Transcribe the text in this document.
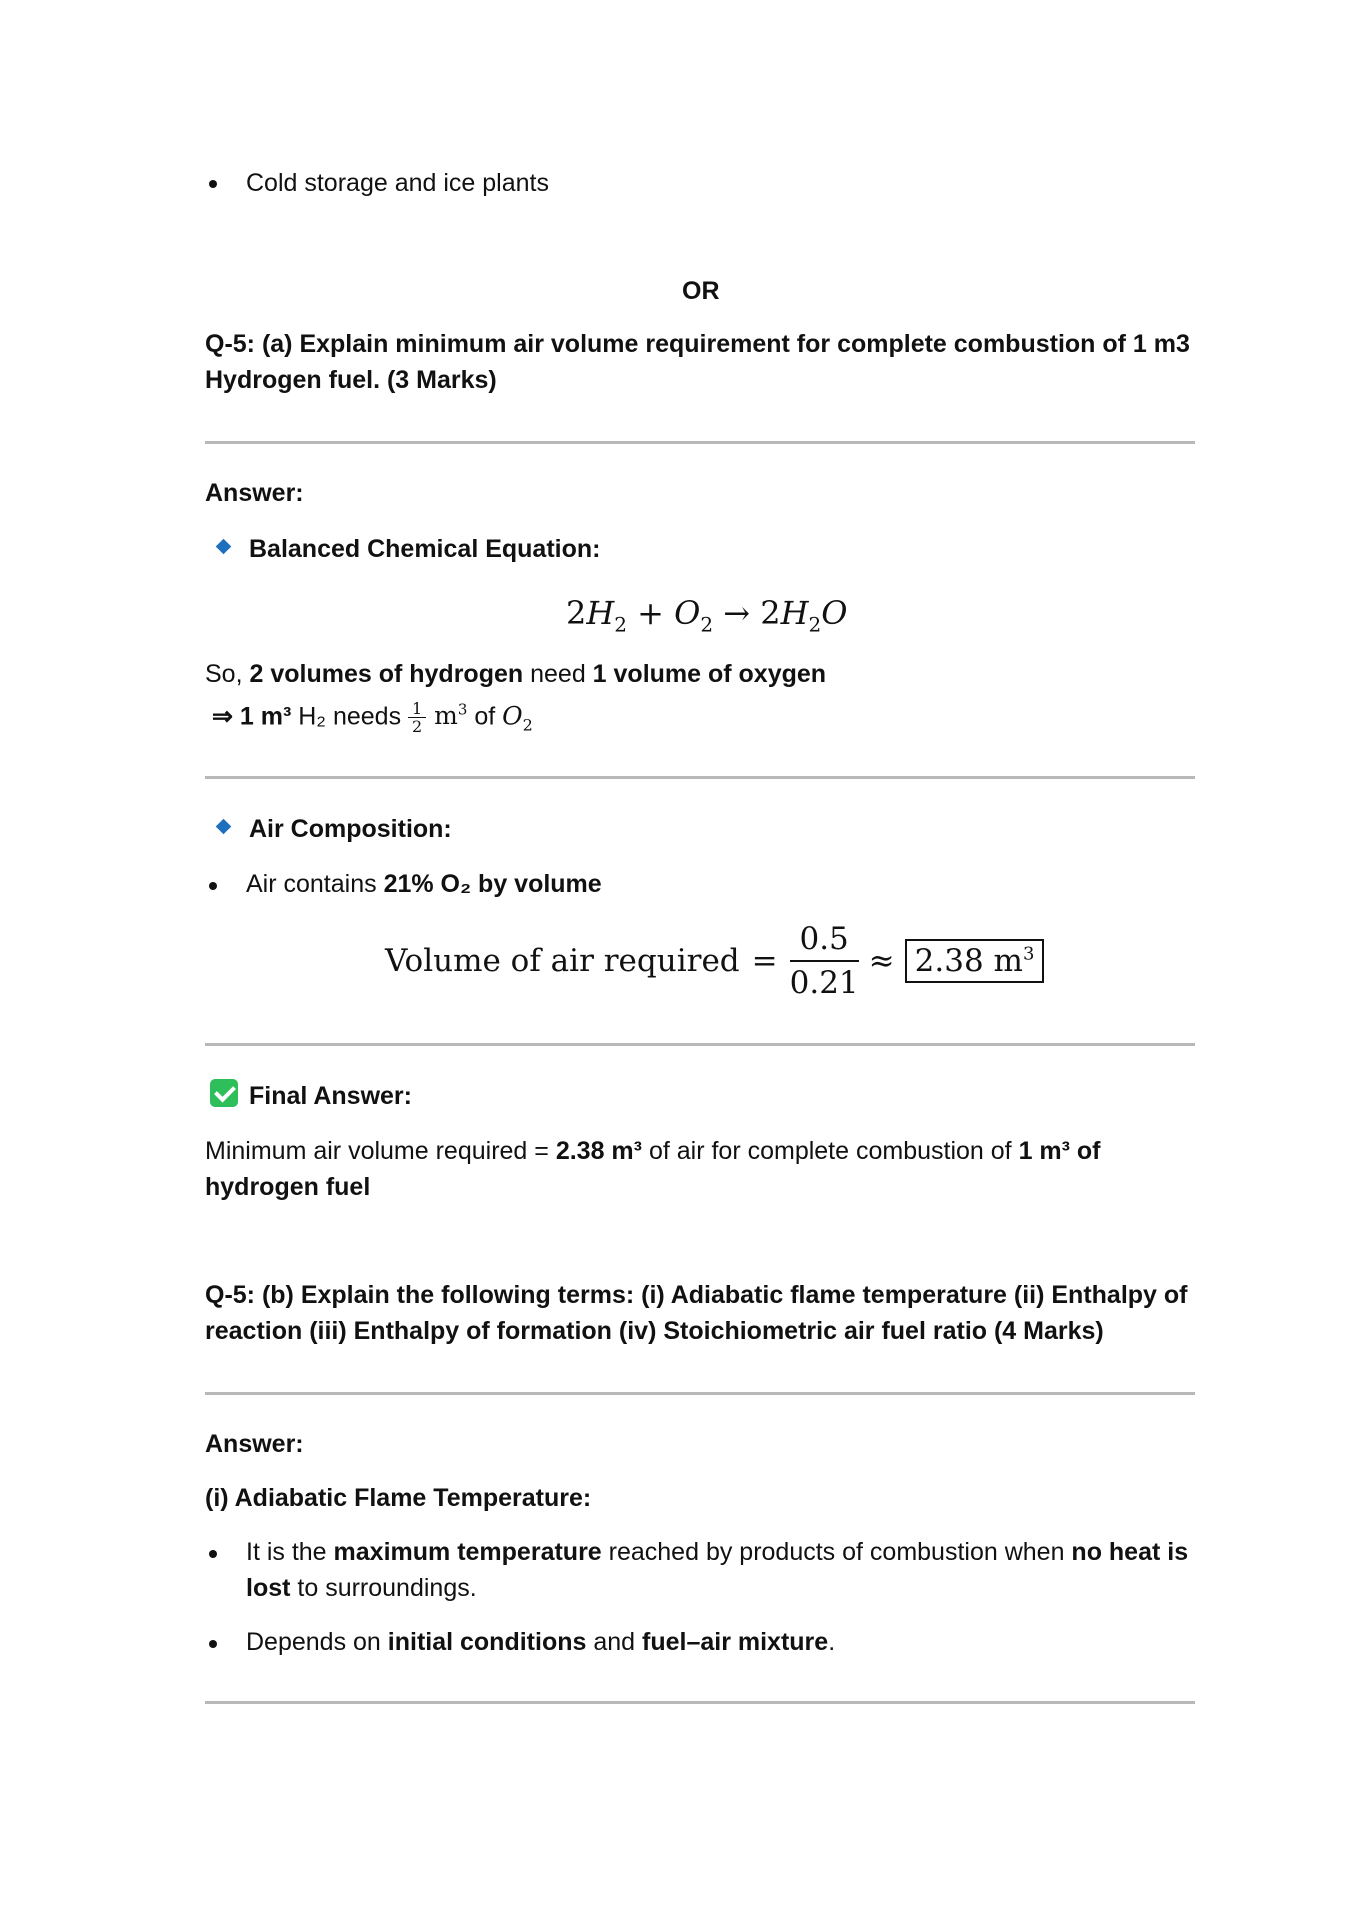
Cold storage and ice plants
OR
Q-5: (a) Explain minimum air volume requirement for complete combustion of 1 m3
Hydrogen fuel. (3 Marks)
Answer:
Balanced Chemical Equation:
$2H_2 + O_2 \to 2H_2O$
So, 2 volumes of hydrogen need 1 volume of oxygen
⇒ 1 m³ H₂ needs $\frac{1}{2} m^3$ of $O_2$
Air Composition:
Air contains 21% O₂ by volume
Volume of air required = $\frac{0.5}{0.21} \approx 2.38$ $m^3$
Final Answer:
Minimum air volume required = 2.38 m³ of air for complete combustion of 1 m³ of
hydrogen fuel
Q-5: (b) Explain the following terms: (i) Adiabatic flame temperature (ii) Enthalpy of
reaction (iii) Enthalpy of formation (iv) Stoichiometric air fuel ratio (4 Marks)
Answer:
(i) Adiabatic Flame Temperature:
It is the maximum temperature reached by products of combustion when no heat is
lost to surroundings.
Depends on initial conditions and fuel–air mixture.
